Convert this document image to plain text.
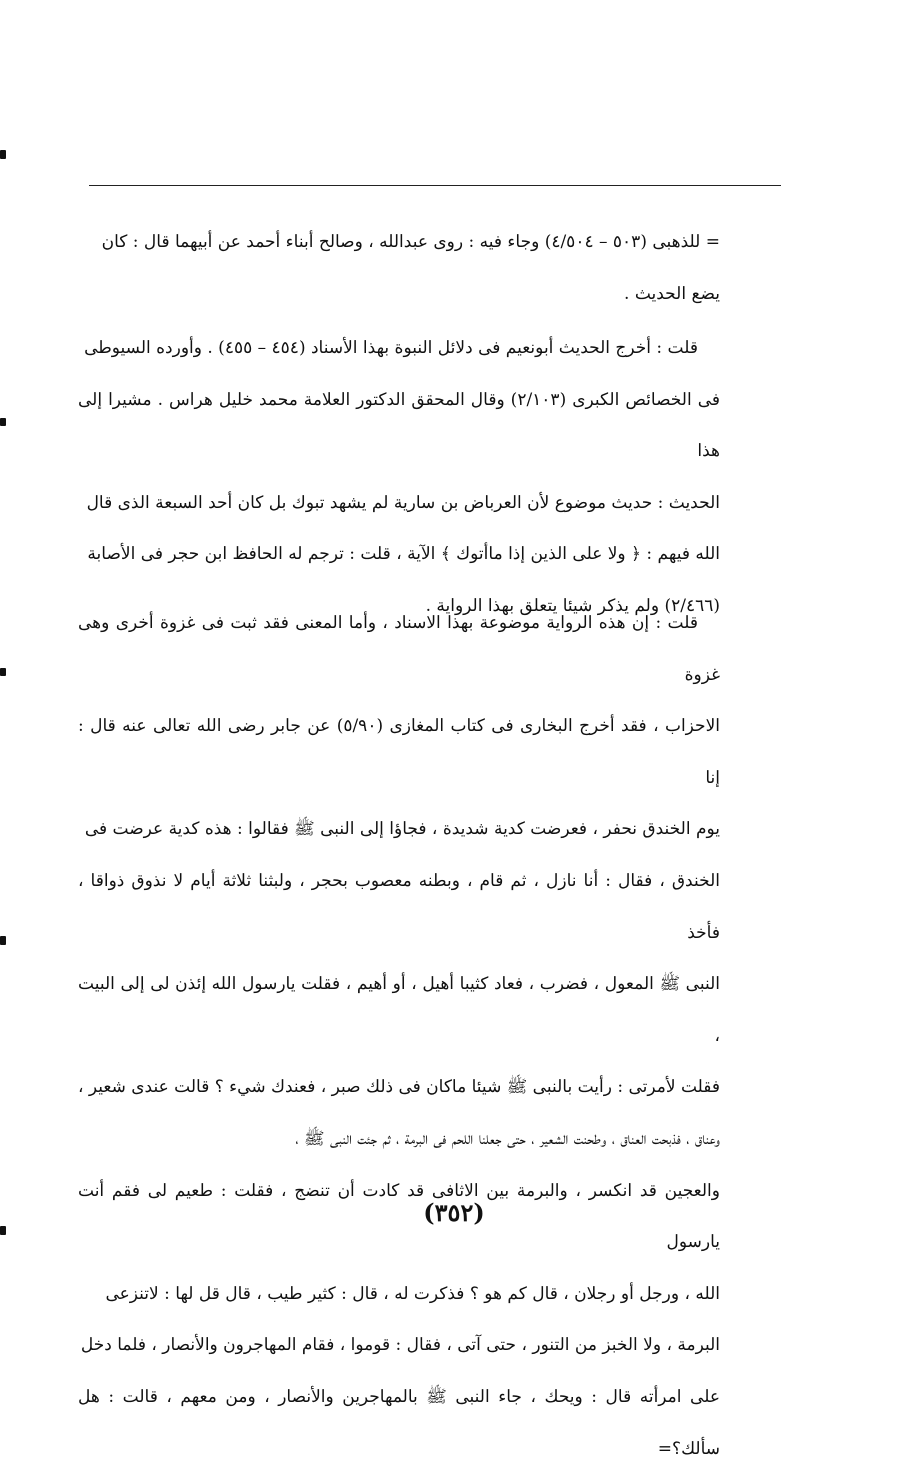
= للذهبى (٥٠٣ – ٤/٥٠٤) وجاء فيه : روى عبدالله ، وصالح أبناء أحمد عن أبيهما قال : كان

يضع الحديث .

قلت : أخرج الحديث أبونعيم فى دلائل النبوة بهذا الأسناد (٤٥٤ – ٤٥٥) . وأورده السيوطى

فى الخصائص الكبرى (٢/١٠٣) وقال المحقق الدكتور العلامة محمد خليل هراس . مشيرا إلى هذا

الحديث : حديث موضوع لأن العرباض بن سارية لم يشهد تبوك بل كان أحد السبعة الذى قال

الله فيهم : ﴿ ولا على الذين إذا ماأتوك ﴾ الآية ، قلت : ترجم له الحافظ ابن حجر فى الأصابة

(٢/٤٦٦) ولم يذكر شيئا يتعلق بهذا الرواية .

قلت : إن هذه الرواية موضوعة بهذا الاسناد ، وأما المعنى فقد ثبت فى غزوة أخرى وهى غزوة

الاحزاب ، فقد أخرج البخارى فى كتاب المغازى (٥/٩٠) عن جابر رضى الله تعالى عنه قال : إنا

يوم الخندق نحفر ، فعرضت كدية شديدة ، فجاؤا إلى النبى ﷺ فقالوا : هذه كدية عرضت فى

الخندق ، فقال : أنا نازل ، ثم قام ، وبطنه معصوب بحجر ، ولبثنا ثلاثة أيام لا نذوق ذواقا ، فأخذ

النبى ﷺ المعول ، فضرب ، فعاد كثيبا أهيل ، أو أهيم ، فقلت يارسول الله إئذن لى إلى البيت ،

فقلت لأمرتى : رأيت بالنبى ﷺ شيئا ماكان فى ذلك صبر ، فعندك شيء ؟ قالت عندى شعير ،

وعناق ، فذبحت العناق ، وطحنت الشعير ، حتى جعلنا اللحم فى البرمة ، ثم جئت النبى ﷺ ،

والعجين قد انكسر ، والبرمة بين الاثافى قد كادت أن تنضج ، فقلت : طعيم لى فقم أنت يارسول

الله ، ورجل أو رجلان ، قال كم هو ؟ فذكرت له ، قال : كثير طيب ، قال قل لها : لاتنزعى

البرمة ، ولا الخبز من التنور ، حتى آتى ، فقال : قوموا ، فقام المهاجرون والأنصار ، فلما دخل

على امرأته قال : ويحك ، جاء النبى ﷺ بالمهاجرين والأنصار ، ومن معهم ، قالت : هل سألك؟=

(٣٥٢)
